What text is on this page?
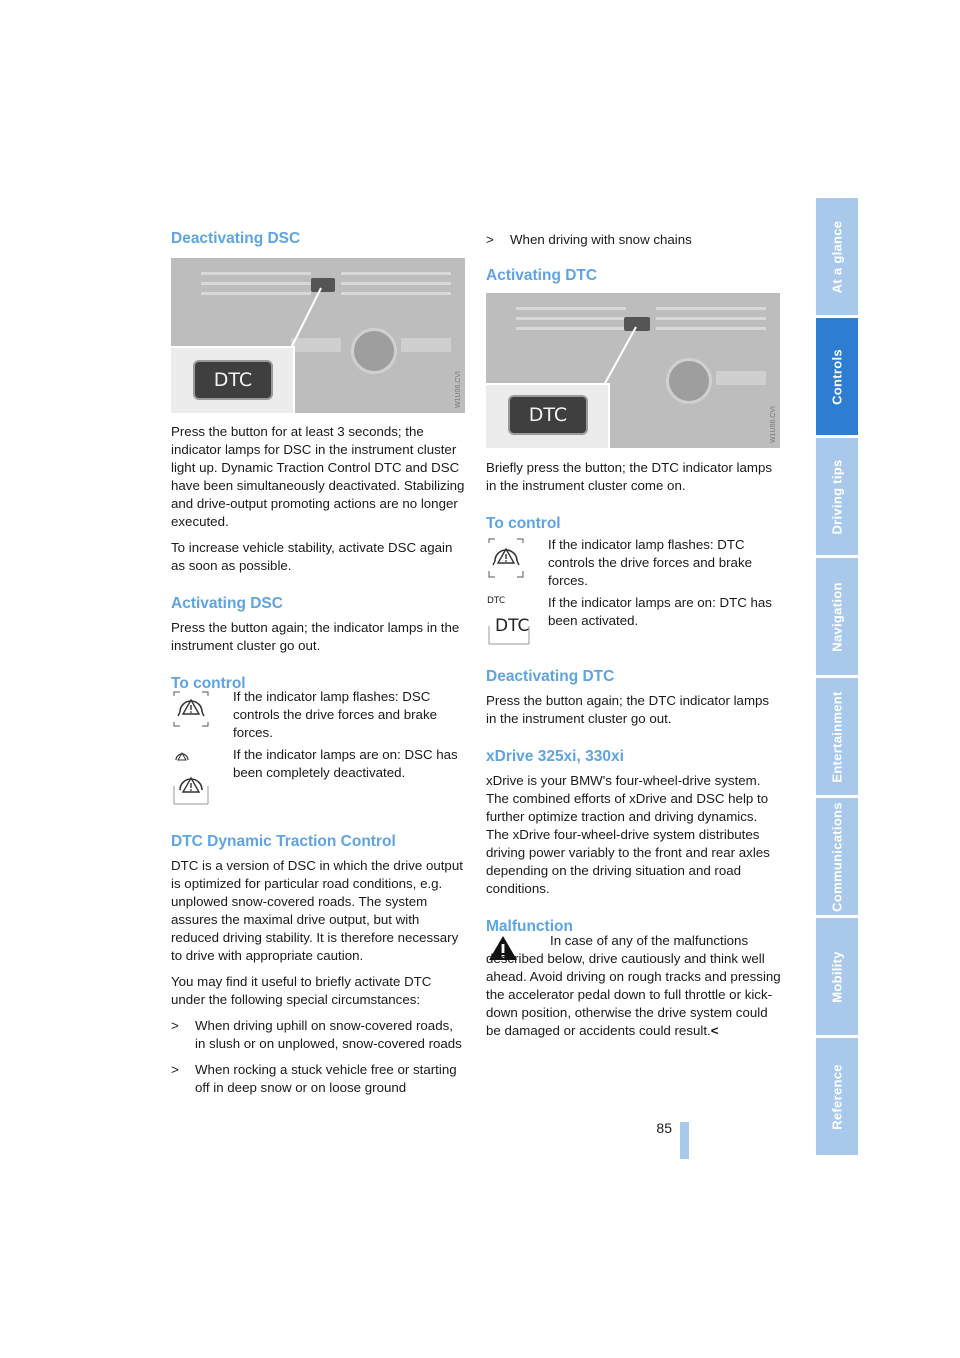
At a glance
Controls
Driving tips
Navigation
Entertainment
Communications
Mobility
Reference
Deactivating DSC
DTC	W1U06.CVI

Press the button for at least 3 seconds; the indicator lamps for DSC in the instrument cluster light up. Dynamic Traction Control DTC and DSC have been simultaneously deactivated. Stabilizing and drive-output promoting actions are no longer executed.

To increase vehicle stability, activate DSC again as soon as possible.

Activating DSC

Press the button again; the indicator lamps in the instrument cluster go out.

To control
If the indicator lamp flashes: DSC controls the drive forces and brake forces.
If the indicator lamps are on: DSC has been completely deactivated.
DTC Dynamic Traction Control

DTC is a version of DSC in which the drive output is optimized for particular road conditions, e.g. unplowed snow-covered roads. The system assures the maximal drive output, but with reduced driving stability. It is therefore necessary to drive with appropriate caution.

You may find it useful to briefly activate DTC under the following special circumstances:

> When driving uphill on snow-covered roads, in slush or on unplowed, snow-covered roads
> When rocking a stuck vehicle free or starting off in deep snow or on loose ground
> When driving with snow chains
Activating DTC
DTC	W1U06.CVI

Briefly press the button; the DTC indicator lamps in the instrument cluster come on.

To control
If the indicator lamp flashes: DTC controls the drive forces and brake forces.
DTC
DTC
If the indicator lamps are on: DTC has been activated.
Deactivating DTC

Press the button again; the DTC indicator lamps in the instrument cluster go out.

xDrive 325xi, 330xi

xDrive is your BMW's four-wheel-drive system. The combined efforts of xDrive and DSC help to further optimize traction and driving dynamics. The xDrive four-wheel-drive system distributes driving power variably to the front and rear axles depending on the driving situation and road conditions.

Malfunction
In case of any of the malfunctions described below, drive cautiously and think well ahead. Avoid driving on rough tracks and pressing the accelerator pedal down to full throttle or kick-down position, otherwise the drive system could be damaged or accidents could result.<
85
